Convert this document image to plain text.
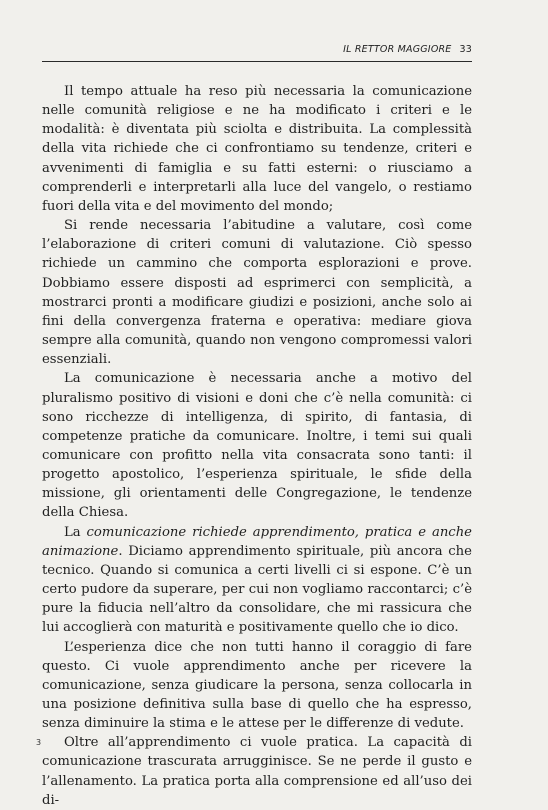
IL RETTOR MAGGIORE 33

Il tempo attuale ha reso più necessaria la comunicazione nelle comunità religiose e ne ha modificato i criteri e le modalità: è diventata più sciolta e distribuita. La complessità della vita richiede che ci confrontiamo su tendenze, criteri e avvenimenti di famiglia e su fatti esterni: o riusciamo a comprenderli e interpretarli alla luce del vangelo, o restiamo fuori della vita e del movimento del mondo;

Si rende necessaria l’abitudine a valutare, così come l’elaborazione di criteri comuni di valutazione. Ciò spesso richiede un cammino che comporta esplorazioni e prove. Dobbiamo essere disposti ad esprimerci con semplicità, a mostrarci pronti a modificare giudizi e posizioni, anche solo ai fini della convergenza fraterna e operativa: mediare giova sempre alla comunità, quando non vengono compromessi valori essenziali.

La comunicazione è necessaria anche a motivo del pluralismo positivo di visioni e doni che c’è nella comunità: ci sono ricchezze di intelligenza, di spirito, di fantasia, di competenze pratiche da comunicare. Inoltre, i temi sui quali comunicare con profitto nella vita consacrata sono tanti: il progetto apostolico, l’esperienza spirituale, le sfide della missione, gli orientamenti delle Congregazione, le tendenze della Chiesa.

La comunicazione richiede apprendimento, pratica e anche animazione. Diciamo apprendimento spirituale, più ancora che tecnico. Quando si comunica a certi livelli ci si espone. C’è un certo pudore da superare, per cui non vogliamo raccontarci; c’è pure la fiducia nell’altro da consolidare, che mi rassicura che lui accoglierà con maturità e positivamente quello che io dico.

L’esperienza dice che non tutti hanno il coraggio di fare questo. Ci vuole apprendimento anche per ricevere la comunicazione, senza giudicare la persona, senza collocarla in una posizione definitiva sulla base di quello che ha espresso, senza diminuire la stima e le attese per le differenze di vedute.

Oltre all’apprendimento ci vuole pratica. La capacità di comunicazione trascurata arrugginisce. Se ne perde il gusto e l’allenamento. La pratica porta alla comprensione ed all’uso dei di-

3
